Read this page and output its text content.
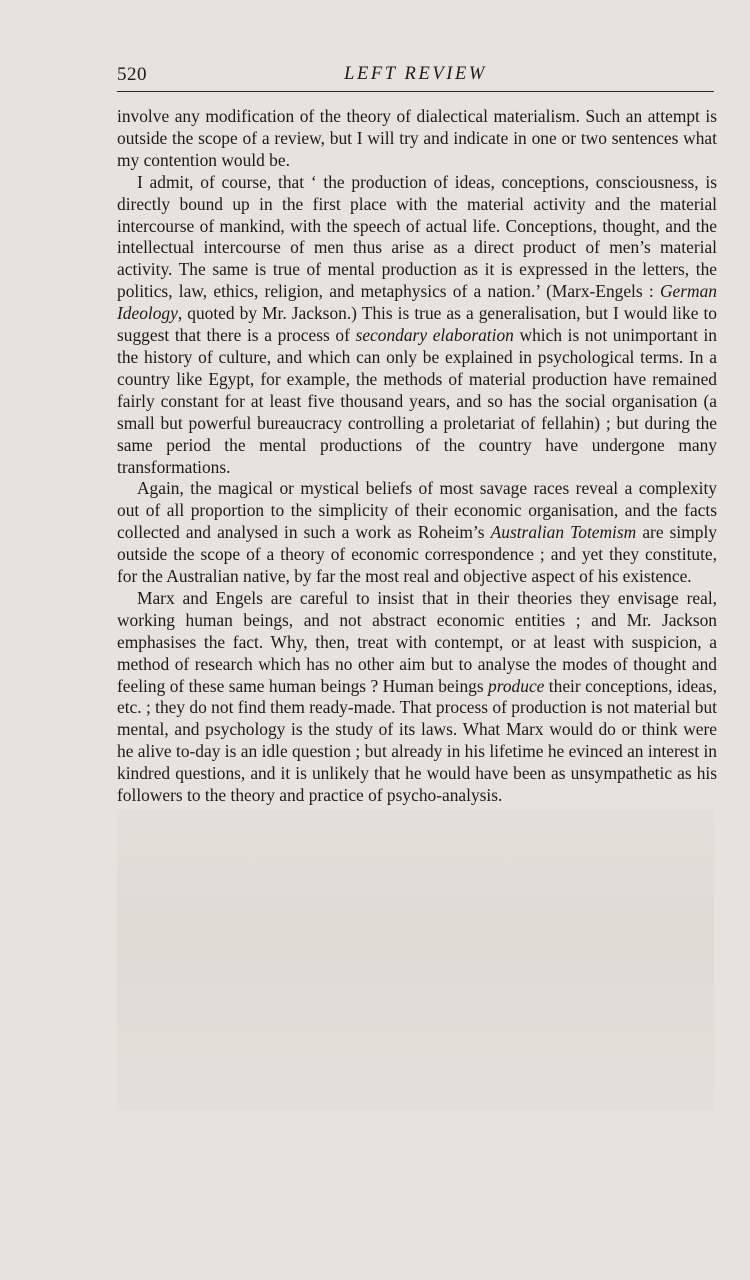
520	LEFT REVIEW

involve any modification of the theory of dialectical materialism. Such an attempt is outside the scope of a review, but I will try and indicate in one or two sentences what my contention would be.

I admit, of course, that ‘ the production of ideas, conceptions, consciousness, is directly bound up in the first place with the material activity and the material intercourse of mankind, with the speech of actual life. Conceptions, thought, and the intellectual intercourse of men thus arise as a direct product of men’s material activity. The same is true of mental production as it is expressed in the letters, the politics, law, ethics, religion, and metaphysics of a nation.’ (Marx-Engels : German Ideology, quoted by Mr. Jackson.) This is true as a generalisation, but I would like to suggest that there is a process of secondary elaboration which is not unimportant in the history of culture, and which can only be explained in psychological terms. In a country like Egypt, for example, the methods of material production have remained fairly constant for at least five thousand years, and so has the social organisation (a small but powerful bureaucracy controlling a proletariat of fellahin) ; but during the same period the mental productions of the country have undergone many transformations.

Again, the magical or mystical beliefs of most savage races reveal a complexity out of all proportion to the simplicity of their economic organisation, and the facts collected and analysed in such a work as Roheim’s Australian Totemism are simply outside the scope of a theory of economic correspondence ; and yet they constitute, for the Australian native, by far the most real and objective aspect of his existence.

Marx and Engels are careful to insist that in their theories they envisage real, working human beings, and not abstract economic entities ; and Mr. Jackson emphasises the fact. Why, then, treat with contempt, or at least with suspicion, a method of research which has no other aim but to analyse the modes of thought and feeling of these same human beings ? Human beings produce their conceptions, ideas, etc. ; they do not find them ready-made. That process of production is not material but mental, and psychology is the study of its laws. What Marx would do or think were he alive to-day is an idle question ; but already in his lifetime he evinced an interest in kindred questions, and it is unlikely that he would have been as unsympathetic as his followers to the theory and practice of psycho-analysis.
